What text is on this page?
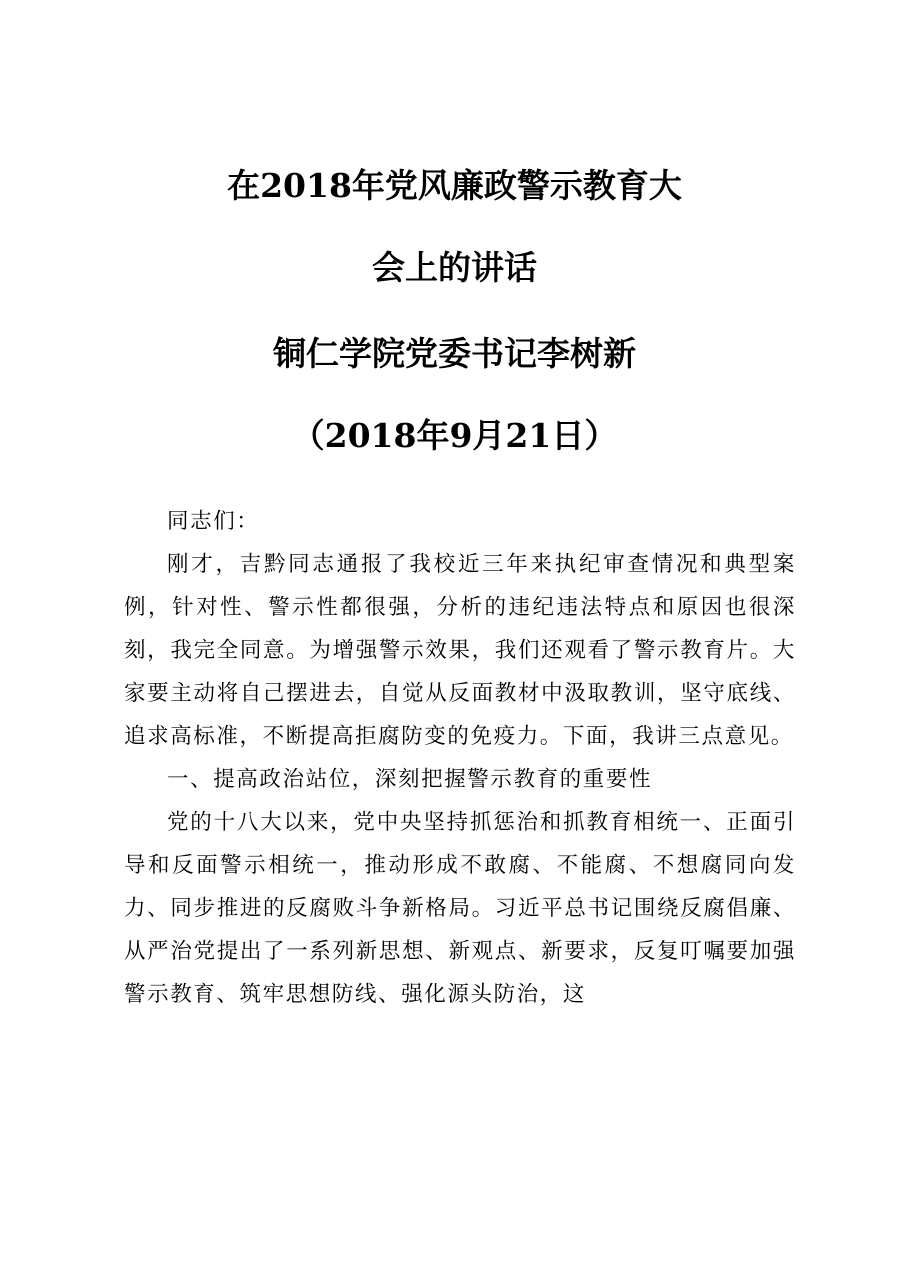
在2018年党风廉政警示教育大
会上的讲话
铜仁学院党委书记李树新
（2018年9月21日）

同志们：

刚才，吉黔同志通报了我校近三年来执纪审查情况和典型案例，针对性、警示性都很强，分析的违纪违法特点和原因也很深刻，我完全同意。为增强警示效果，我们还观看了警示教育片。大家要主动将自己摆进去，自觉从反面教材中汲取教训，坚守底线、追求高标准，不断提高拒腐防变的免疫力。下面，我讲三点意见。

一、提高政治站位，深刻把握警示教育的重要性

党的十八大以来，党中央坚持抓惩治和抓教育相统一、正面引导和反面警示相统一，推动形成不敢腐、不能腐、不想腐同向发力、同步推进的反腐败斗争新格局。习近平总书记围绕反腐倡廉、从严治党提出了一系列新思想、新观点、新要求，反复叮嘱要加强警示教育、筑牢思想防线、强化源头防治，这
